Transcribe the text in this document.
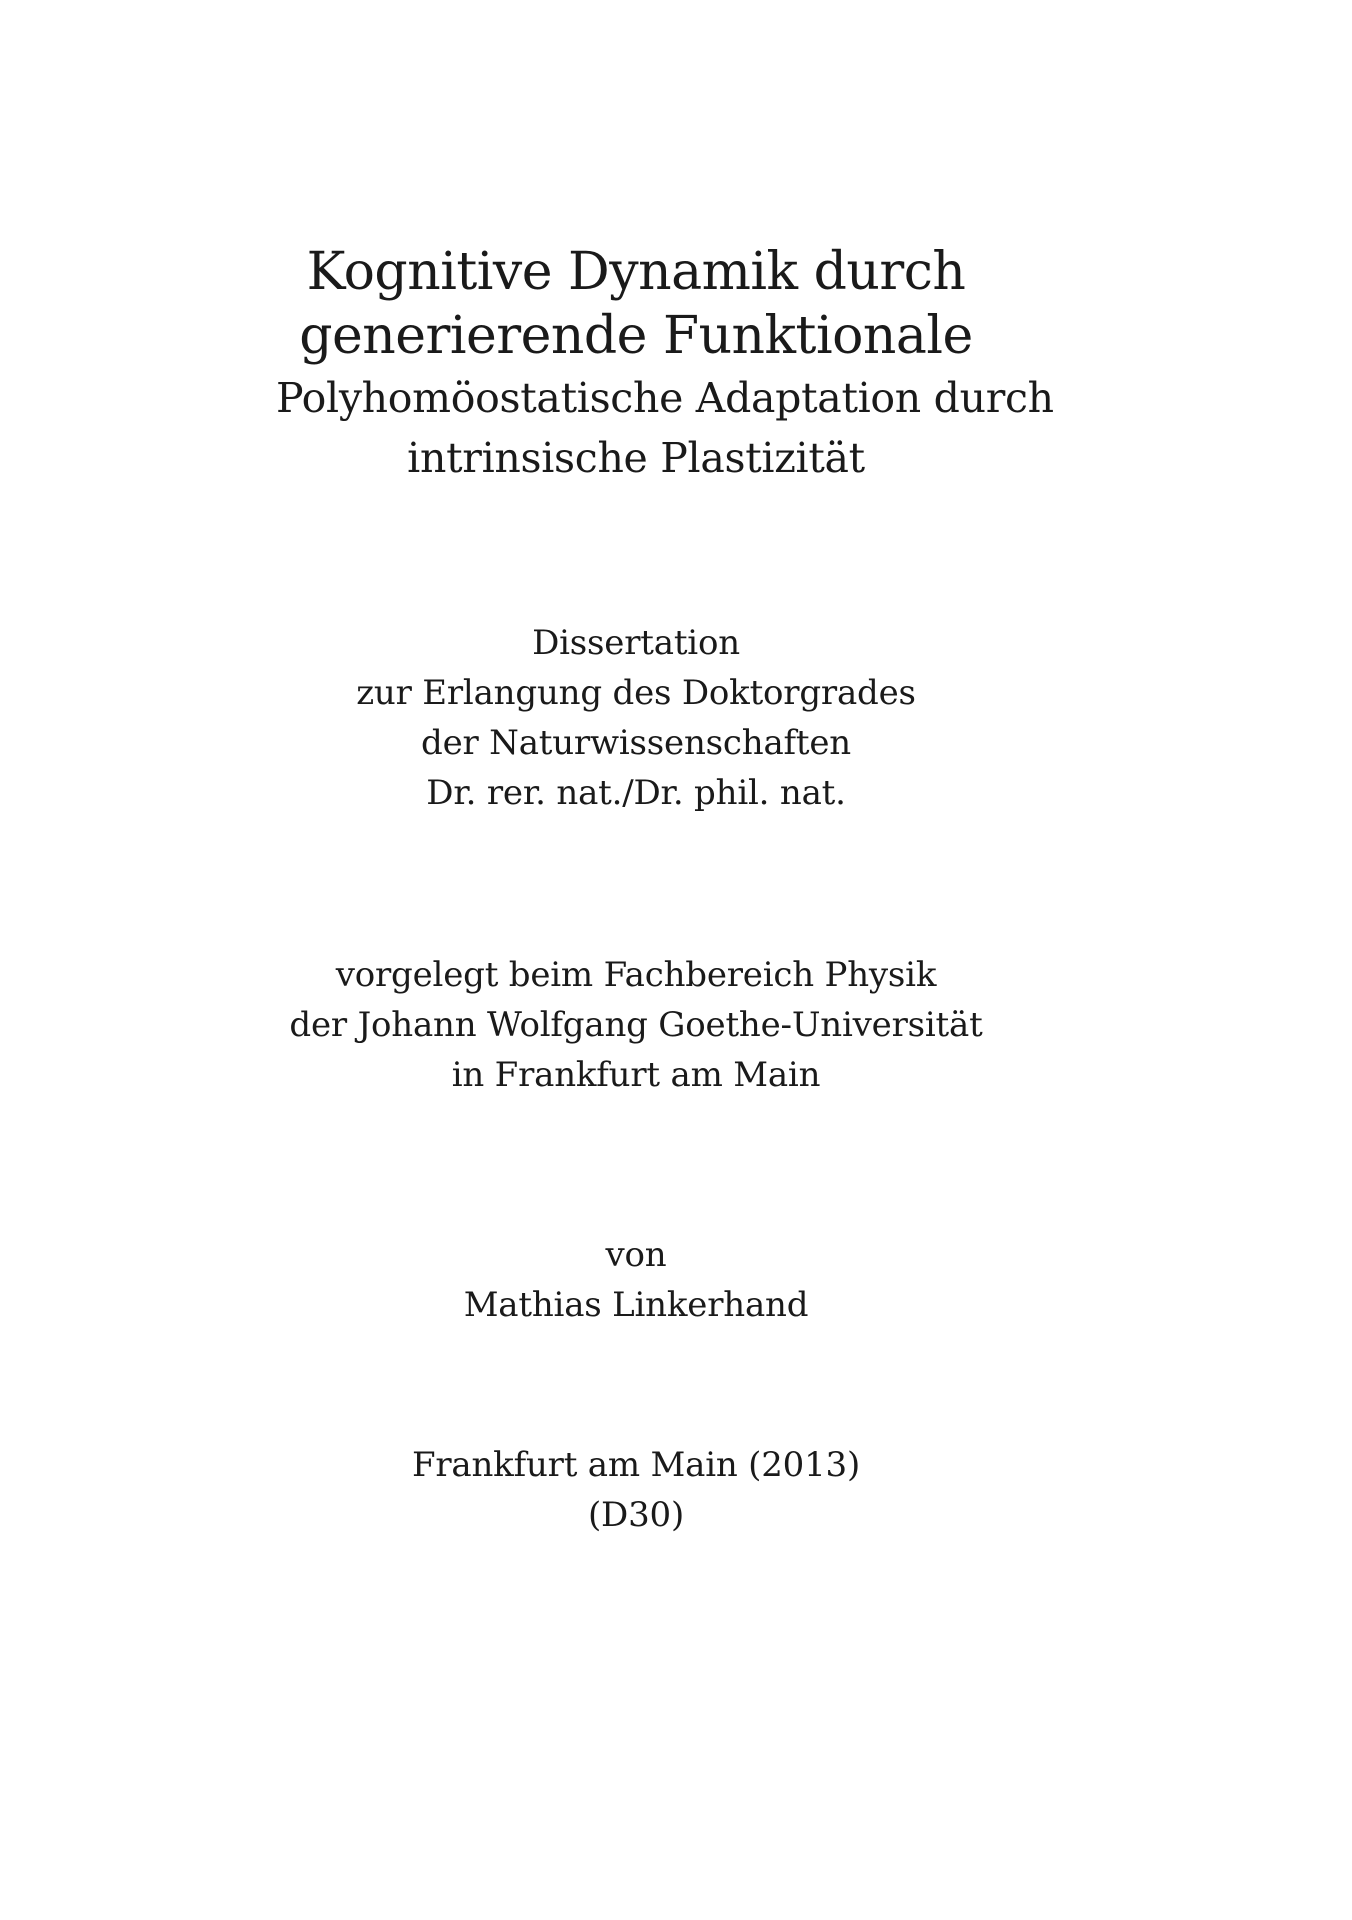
Kognitive Dynamik durch
generierende Funktionale
Polyhomöostatische Adaptation durch
intrinsische Plastizität
Dissertation
zur Erlangung des Doktorgrades
der Naturwissenschaften
Dr. rer. nat./Dr. phil. nat.
vorgelegt beim Fachbereich Physik
der Johann Wolfgang Goethe-Universität
in Frankfurt am Main
von
Mathias Linkerhand
Frankfurt am Main (2013)
(D30)
